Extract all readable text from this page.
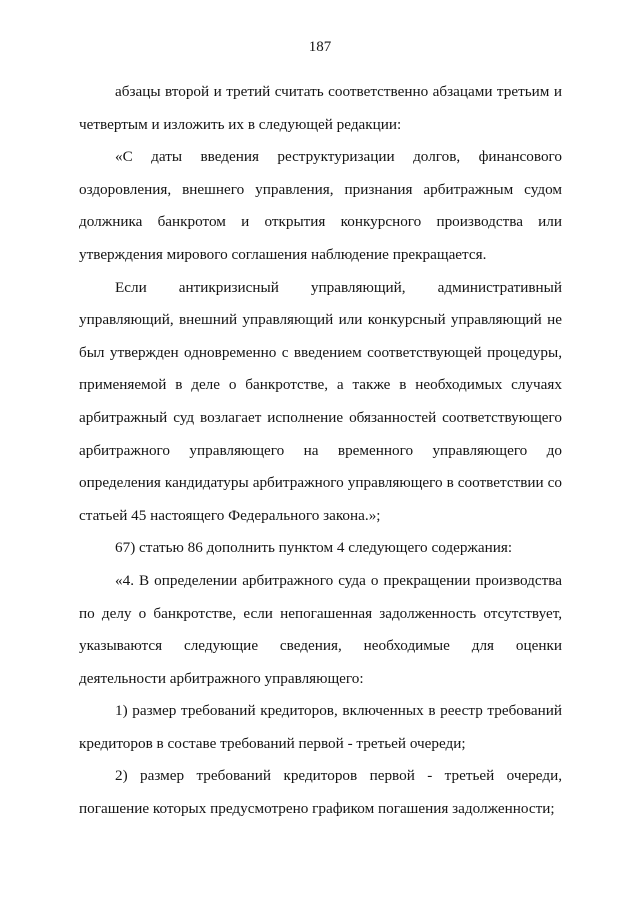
187

абзацы второй и третий считать соответственно абзацами третьим и четвертым и изложить их в следующей редакции:

«С даты введения реструктуризации долгов, финансового оздоровления, внешнего управления, признания арбитражным судом должника банкротом и открытия конкурсного производства или утверждения мирового соглашения наблюдение прекращается.

Если антикризисный управляющий, административный управляющий, внешний управляющий или конкурсный управляющий не был утвержден одновременно с введением соответствующей процедуры, применяемой в деле о банкротстве, а также в необходимых случаях арбитражный суд возлагает исполнение обязанностей соответствующего арбитражного управляющего на временного управляющего до определения кандидатуры арбитражного управляющего в соответствии со статьей 45 настоящего Федерального закона.»;

67) статью 86 дополнить пунктом 4 следующего содержания:

«4. В определении арбитражного суда о прекращении производства по делу о банкротстве, если непогашенная задолженность отсутствует, указываются следующие сведения, необходимые для оценки деятельности арбитражного управляющего:

1) размер требований кредиторов, включенных в реестр требований кредиторов в составе требований первой - третьей очереди;

2) размер требований кредиторов первой - третьей очереди, погашение которых предусмотрено графиком погашения задолженности;
